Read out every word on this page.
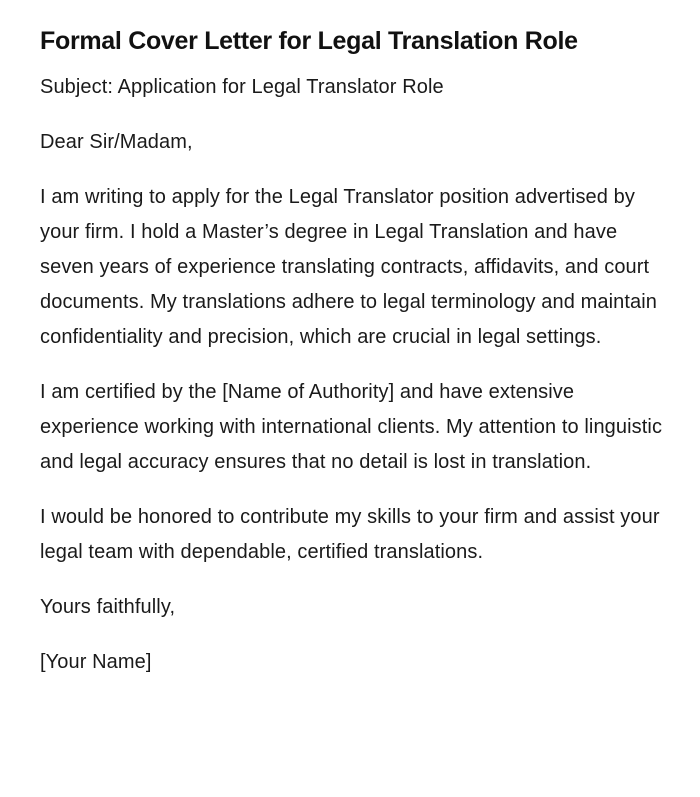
Formal Cover Letter for Legal Translation Role

Subject: Application for Legal Translator Role

Dear Sir/Madam,

I am writing to apply for the Legal Translator position advertised by your firm. I hold a Master’s degree in Legal Translation and have seven years of experience translating contracts, affidavits, and court documents. My translations adhere to legal terminology and maintain confidentiality and precision, which are crucial in legal settings.

I am certified by the [Name of Authority] and have extensive experience working with international clients. My attention to linguistic and legal accuracy ensures that no detail is lost in translation.

I would be honored to contribute my skills to your firm and assist your legal team with dependable, certified translations.

Yours faithfully,

[Your Name]
